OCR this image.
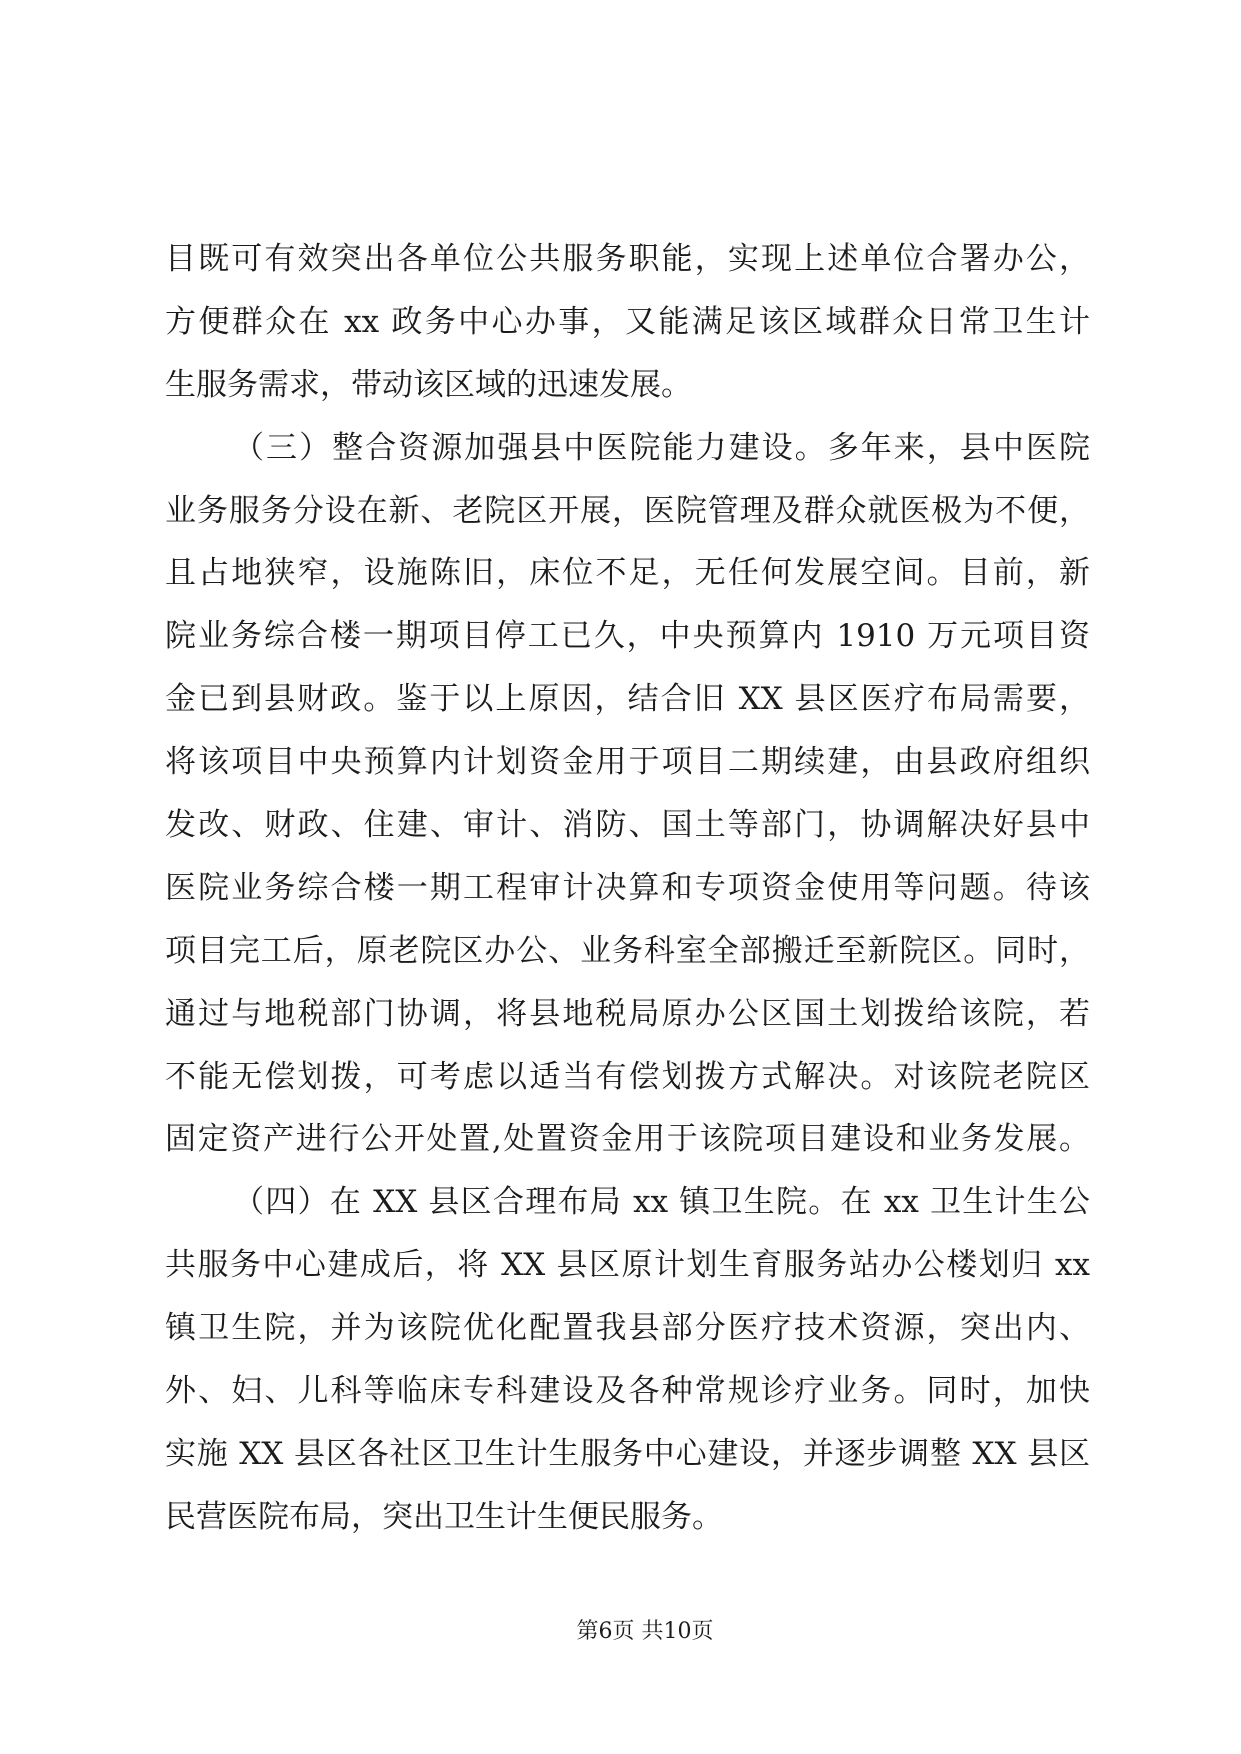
目既可有效突出各单位公共服务职能，实现上述单位合署办公，
方便群众在 xx 政务中心办事，又能满足该区域群众日常卫生计
生服务需求，带动该区域的迅速发展。
（三）整合资源加强县中医院能力建设。多年来，县中医院
业务服务分设在新、老院区开展，医院管理及群众就医极为不便，
且占地狭窄，设施陈旧，床位不足，无任何发展空间。目前，新
院业务综合楼一期项目停工已久，中央预算内 1910 万元项目资
金已到县财政。鉴于以上原因，结合旧 XX 县区医疗布局需要，
将该项目中央预算内计划资金用于项目二期续建，由县政府组织
发改、财政、住建、审计、消防、国土等部门，协调解决好县中
医院业务综合楼一期工程审计决算和专项资金使用等问题。待该
项目完工后，原老院区办公、业务科室全部搬迁至新院区。同时，
通过与地税部门协调，将县地税局原办公区国土划拨给该院，若
不能无偿划拨，可考虑以适当有偿划拨方式解决。对该院老院区
固定资产进行公开处置,处置资金用于该院项目建设和业务发展。
（四）在 XX 县区合理布局 xx 镇卫生院。在 xx 卫生计生公
共服务中心建成后，将 XX 县区原计划生育服务站办公楼划归 xx
镇卫生院，并为该院优化配置我县部分医疗技术资源，突出内、
外、妇、儿科等临床专科建设及各种常规诊疗业务。同时，加快
实施 XX 县区各社区卫生计生服务中心建设，并逐步调整 XX 县区
民营医院布局，突出卫生计生便民服务。
第6页 共10页
